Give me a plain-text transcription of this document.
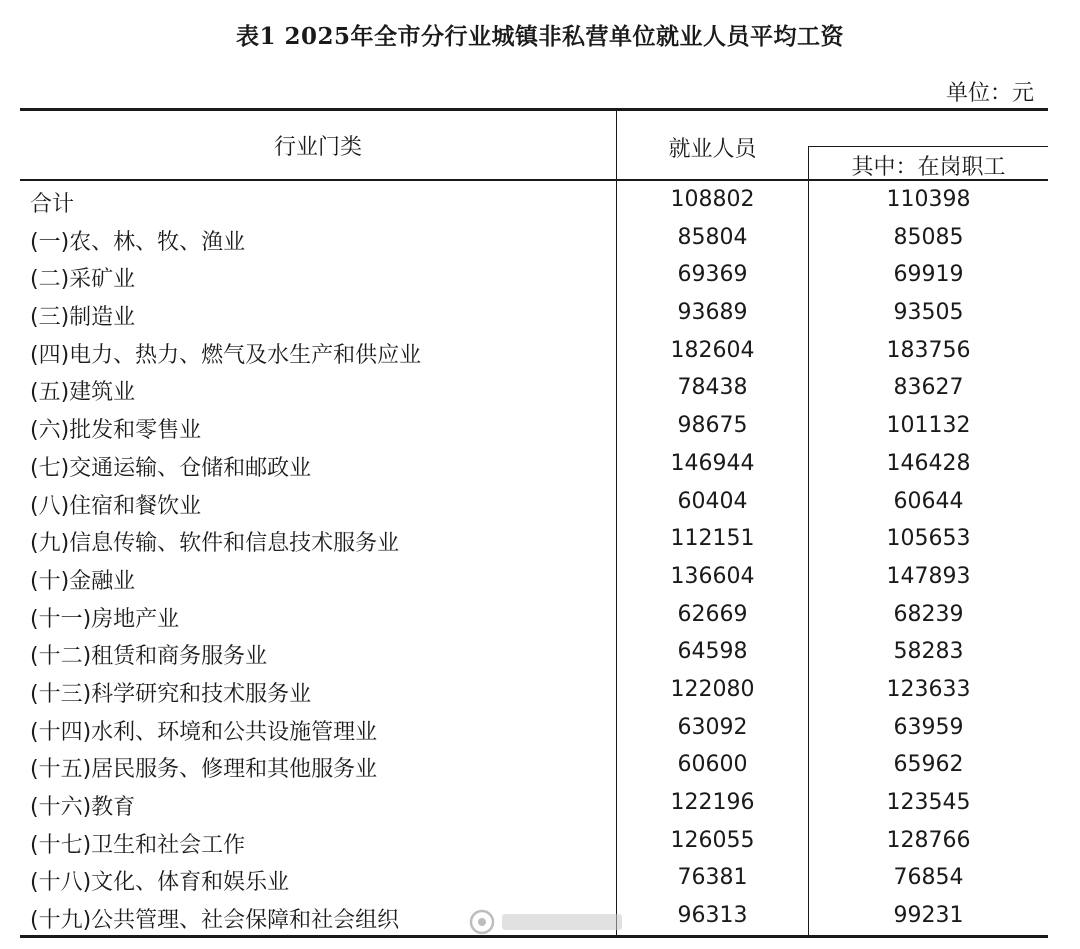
表1 2025年全市分行业城镇非私营单位就业人员平均工资
单位：元
行业门类	就业人员
其中：在岗职工
合计	108802	110398
(一)农、林、牧、渔业	85804	85085
(二)采矿业	69369	69919
(三)制造业	93689	93505
(四)电力、热力、燃气及水生产和供应业	182604	183756
(五)建筑业	78438	83627
(六)批发和零售业	98675	101132
(七)交通运输、仓储和邮政业	146944	146428
(八)住宿和餐饮业	60404	60644
(九)信息传输、软件和信息技术服务业	112151	105653
(十)金融业	136604	147893
(十一)房地产业	62669	68239
(十二)租赁和商务服务业	64598	58283
(十三)科学研究和技术服务业	122080	123633
(十四)水利、环境和公共设施管理业	63092	63959
(十五)居民服务、修理和其他服务业	60600	65962
(十六)教育	122196	123545
(十七)卫生和社会工作	126055	128766
(十八)文化、体育和娱乐业	76381	76854
(十九)公共管理、社会保障和社会组织	96313	99231
